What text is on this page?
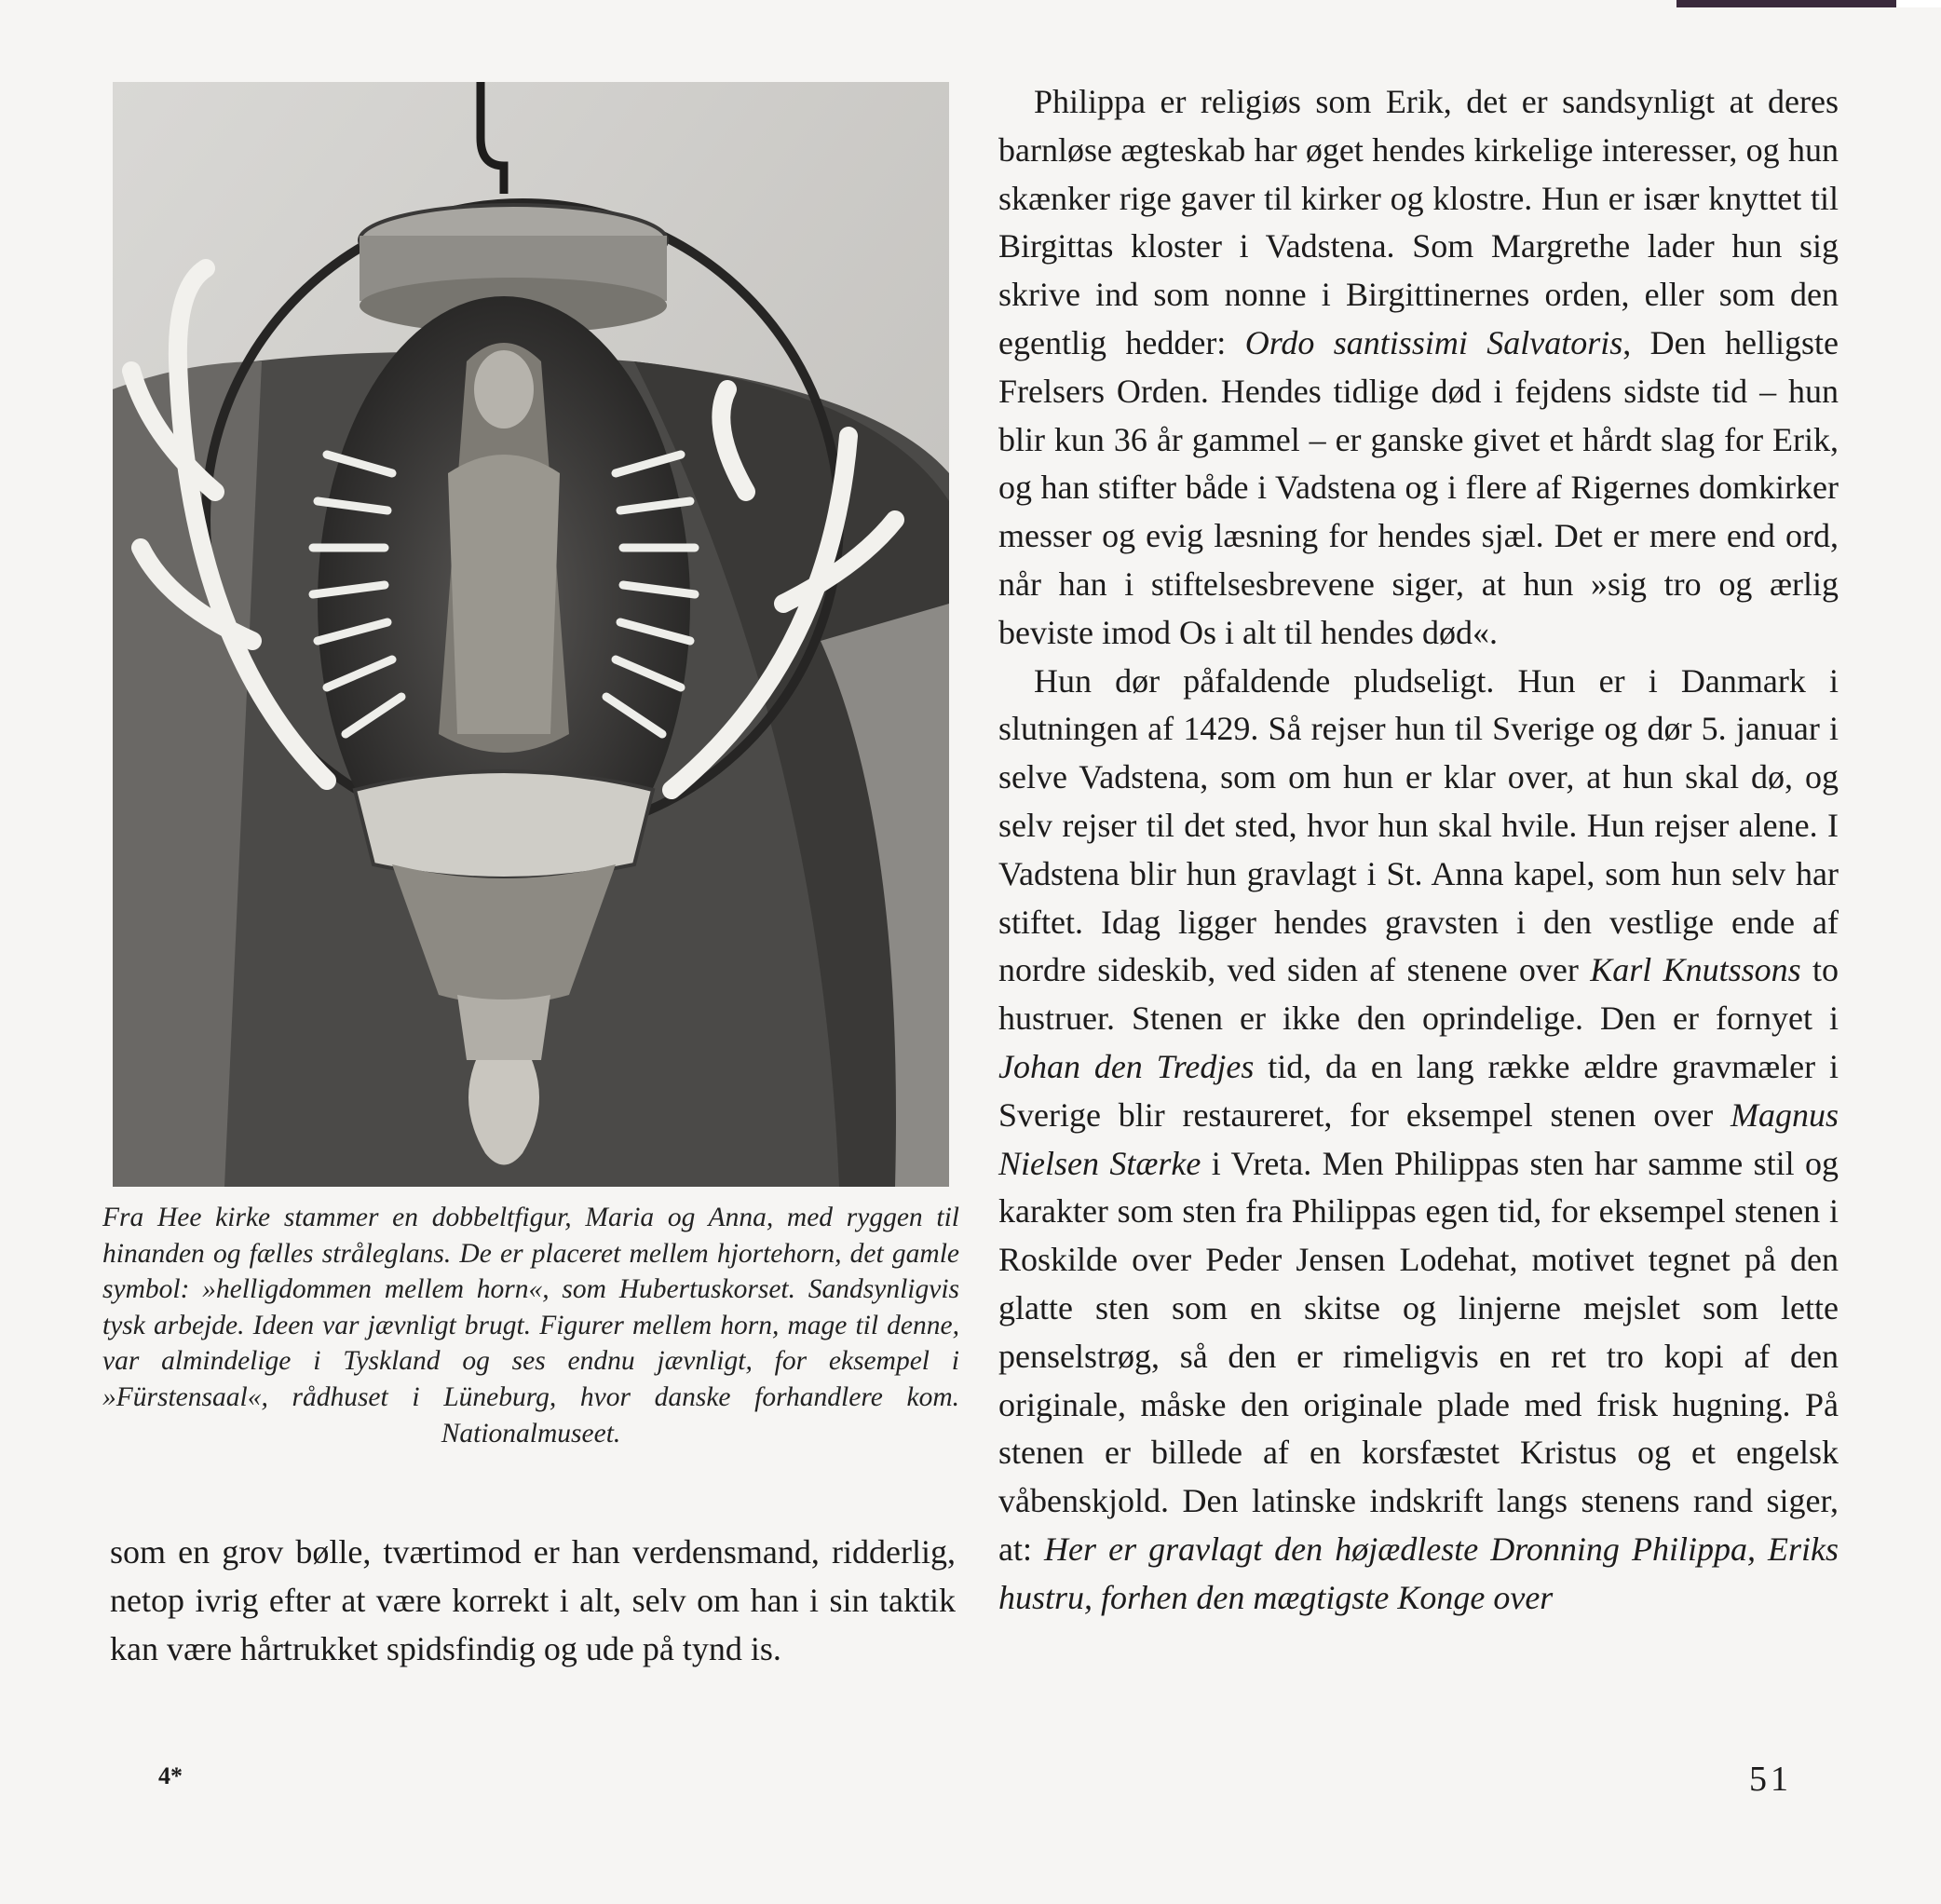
Fra Hee kirke stammer en dobbeltfigur, Maria og Anna, med ryggen til hinanden og fælles stråleglans. De er placeret mellem hjortehorn, det gamle symbol: »helligdommen mellem horn«, som Hubertuskorset. Sandsynligvis tysk arbejde. Ideen var jævnligt brugt. Figurer mellem horn, mage til denne, var almindelige i Tyskland og ses endnu jævnligt, for eksempel i »Fürstensaal«, rådhuset i Lüneburg, hvor danske forhandlere kom. Nationalmuseet.

som en grov bølle, tværtimod er han verdensmand, ridderlig, netop ivrig efter at være korrekt i alt, selv om han i sin taktik kan være hårtrukket spidsfindig og ude på tynd is.

Philippa er religiøs som Erik, det er sandsynligt at deres barnløse ægteskab har øget hendes kirkelige interesser, og hun skænker rige gaver til kirker og klostre. Hun er især knyttet til Birgittas kloster i Vadstena. Som Margrethe lader hun sig skrive ind som nonne i Birgittinernes orden, eller som den egentlig hedder: Ordo santissimi Salvatoris, Den helligste Frelsers Orden. Hendes tidlige død i fejdens sidste tid – hun blir kun 36 år gammel – er ganske givet et hårdt slag for Erik, og han stifter både i Vadstena og i flere af Rigernes domkirker messer og evig læsning for hendes sjæl. Det er mere end ord, når han i stiftelsesbrevene siger, at hun »sig tro og ærlig beviste imod Os i alt til hendes død«.

Hun dør påfaldende pludseligt. Hun er i Danmark i slutningen af 1429. Så rejser hun til Sverige og dør 5. januar i selve Vadstena, som om hun er klar over, at hun skal dø, og selv rejser til det sted, hvor hun skal hvile. Hun rejser alene. I Vadstena blir hun gravlagt i St. Anna kapel, som hun selv har stiftet. Idag ligger hendes gravsten i den vestlige ende af nordre sideskib, ved siden af stenene over Karl Knutssons to hustruer. Stenen er ikke den oprindelige. Den er fornyet i Johan den Tredjes tid, da en lang række ældre gravmæler i Sverige blir restaureret, for eksempel stenen over Magnus Nielsen Stærke i Vreta. Men Philippas sten har samme stil og karakter som sten fra Philippas egen tid, for eksempel stenen i Roskilde over Peder Jensen Lodehat, motivet tegnet på den glatte sten som en skitse og linjerne mejslet som lette penselstrøg, så den er rimeligvis en ret tro kopi af den originale, måske den originale plade med frisk hugning. På stenen er billede af en korsfæstet Kristus og et engelsk våbenskjold. Den latinske indskrift langs stenens rand siger, at: Her er gravlagt den højædleste Dronning Philippa, Eriks hustru, forhen den mægtigste Konge over

4*	51
